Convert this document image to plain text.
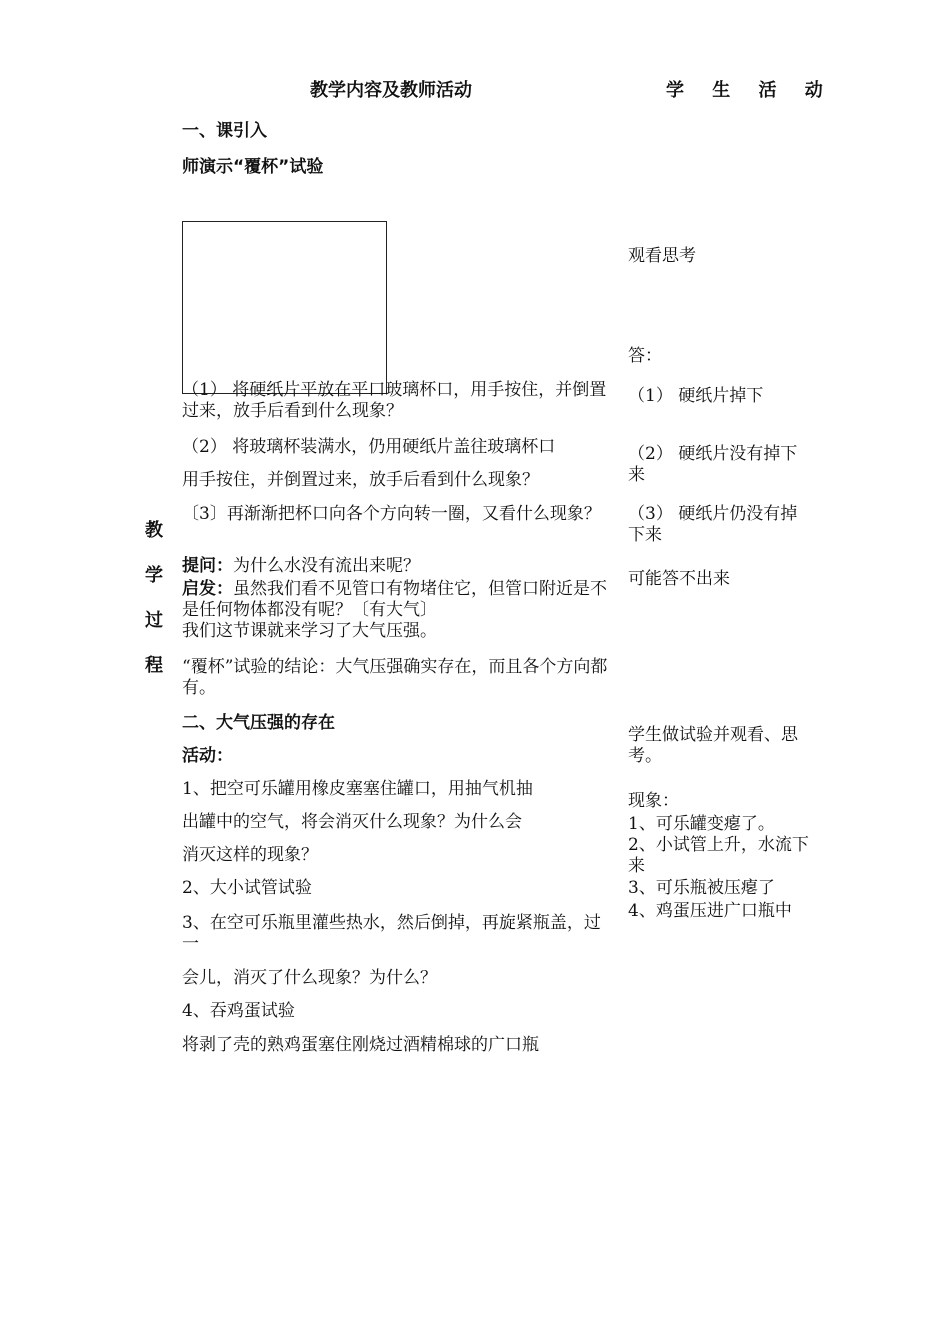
教学内容及教师活动	学 生 活 动
教学过程
一、课引入
师演示“覆杯”试验
（1） 将硬纸片平放在平口玻璃杯口，用手按住，并倒置过来，放手后看到什么现象？
（2） 将玻璃杯装满水，仍用硬纸片盖往玻璃杯口
用手按住，并倒置过来，放手后看到什么现象？
〔3〕再渐渐把杯口向各个方向转一圈，又看什么现象？
提问：为什么水没有流出来呢？
启发：虽然我们看不见管口有物堵住它，但管口附近是不是任何物体都没有呢？〔有大气〕
我们这节课就来学习了大气压强。
“覆杯”试验的结论：大气压强确实存在，而且各个方向都有。
二、大气压强的存在
活动：
1、把空可乐罐用橡皮塞塞住罐口，用抽气机抽
出罐中的空气，将会消灭什么现象？为什么会
消灭这样的现象？
2、大小试管试验
3、在空可乐瓶里灌些热水，然后倒掉，再旋紧瓶盖，过一
会儿，消灭了什么现象？为什么？
4、吞鸡蛋试验
将剥了壳的熟鸡蛋塞住刚烧过酒精棉球的广口瓶
观看思考
答：
（1） 硬纸片掉下
（2） 硬纸片没有掉下来
（3） 硬纸片仍没有掉下来
可能答不出来
学生做试验并观看、思考。
现象：
1、可乐罐变瘪了。
2、小试管上升，水流下来
3、可乐瓶被压瘪了
4、鸡蛋压进广口瓶中
